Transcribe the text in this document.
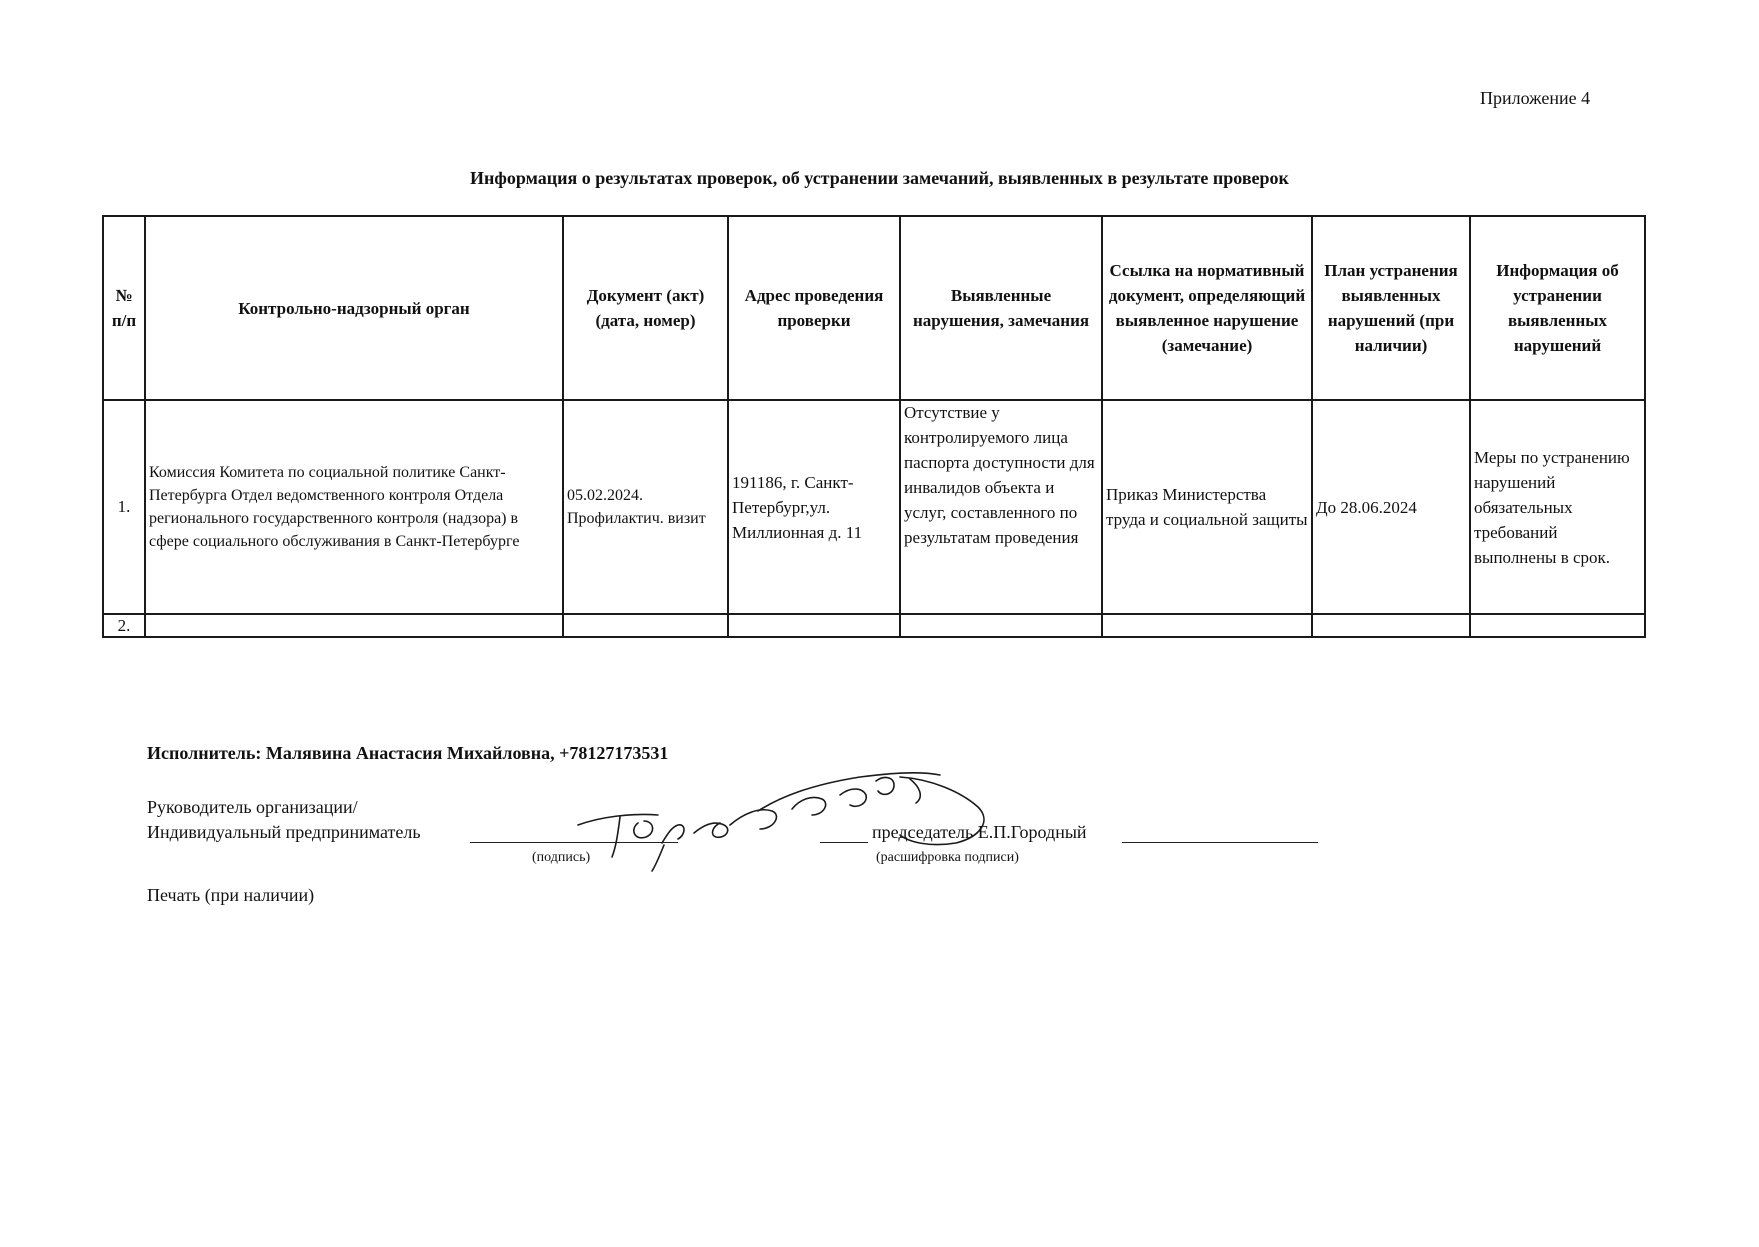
Приложение 4
Информация о результатах проверок, об устранении замечаний, выявленных в результате проверок
№ п/п	Контрольно-надзорный орган	Документ (акт) (дата, номер)	Адрес проведения проверки	Выявленные нарушения, замечания	Ссылка на нормативный документ, определяющий выявленное нарушение (замечание)	План устранения выявленных нарушений (при наличии)	Информация об устранении выявленных нарушений
1.	Комиссия Комитета по социальной политике Санкт-Петербурга Отдел ведомственного контроля Отдела регионального государственного контроля (надзора) в сфере социального обслуживания в Санкт-Петербурге	05.02.2024. Профилактич. визит	191186, г. Санкт-Петербург,ул. Миллионная д. 11	Отсутствие у контролируемого лица паспорта доступности для инвалидов объекта и услуг, составленного по результатам проведения	Приказ Министерства труда и социальной защиты	До 28.06.2024	Меры по устранению нарушений обязательных требований выполнены в срок.
2.							
Исполнитель: Малявина Анастасия Михайловна, +78127173531
Руководитель организации/
Индивидуальный предприниматель	председатель Е.П.Городный
(подпись)	(расшифровка подписи)
Печать (при наличии)
